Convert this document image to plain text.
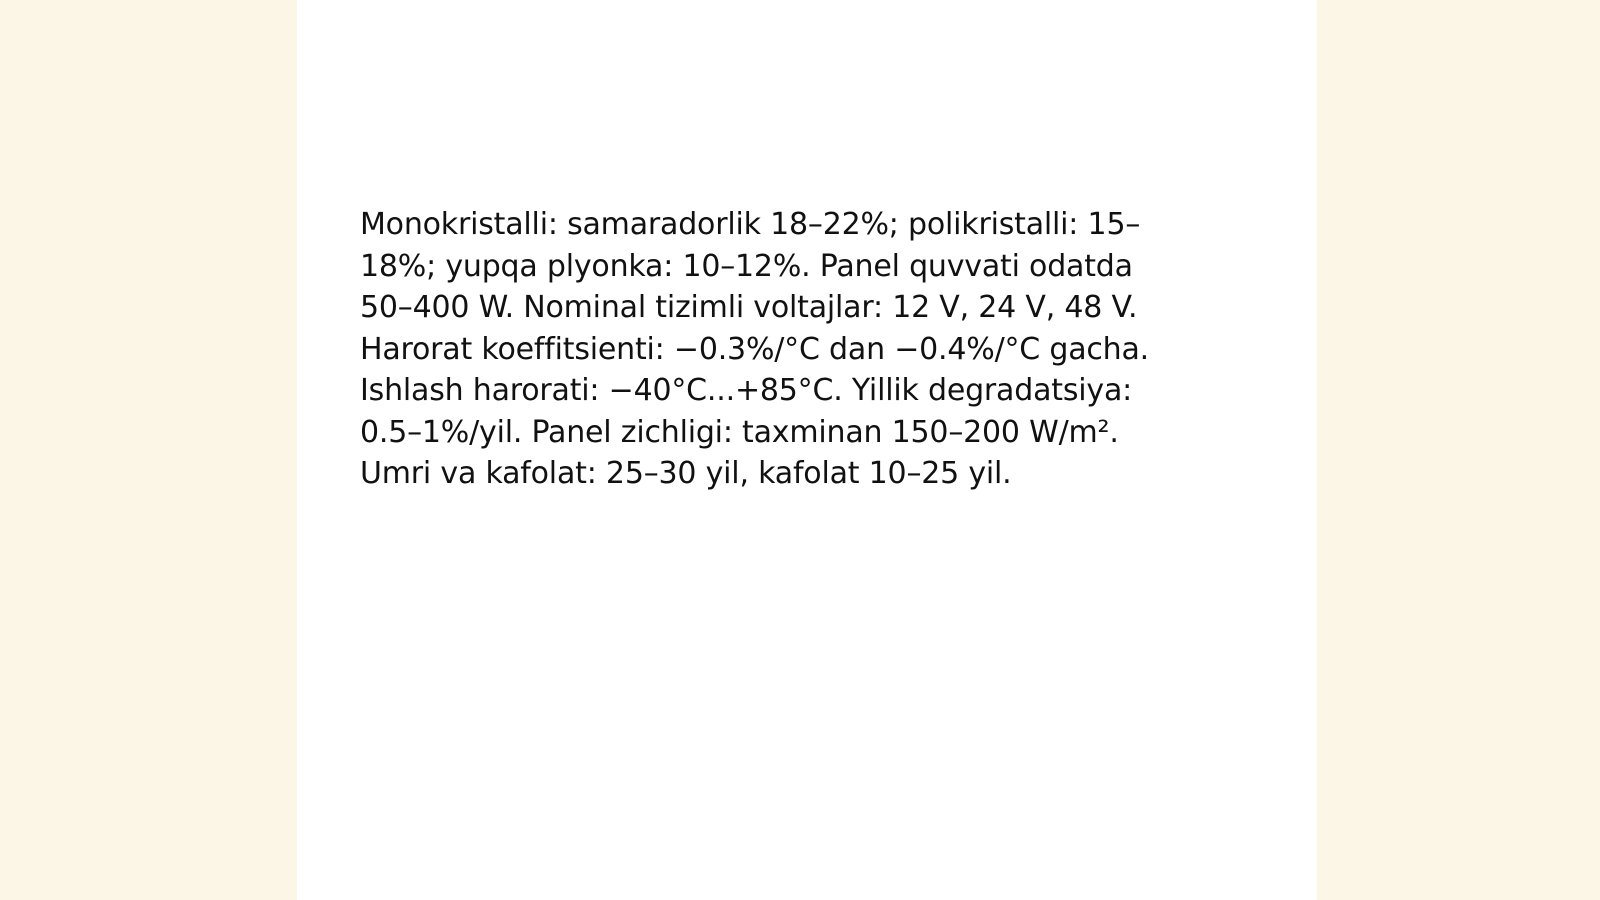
Monokristalli: samaradorlik 18–22%; polikristalli: 15–
18%; yupqa plyonka: 10–12%. Panel quvvati odatda
50–400 W. Nominal tizimli voltajlar: 12 V, 24 V, 48 V.
Harorat koeffitsienti: −0.3%/°C dan −0.4%/°C gacha.
Ishlash harorati: −40°C...+85°C. Yillik degradatsiya:
0.5–1%/yil. Panel zichligi: taxminan 150–200 W/m².
Umri va kafolat: 25–30 yil, kafolat 10–25 yil.
